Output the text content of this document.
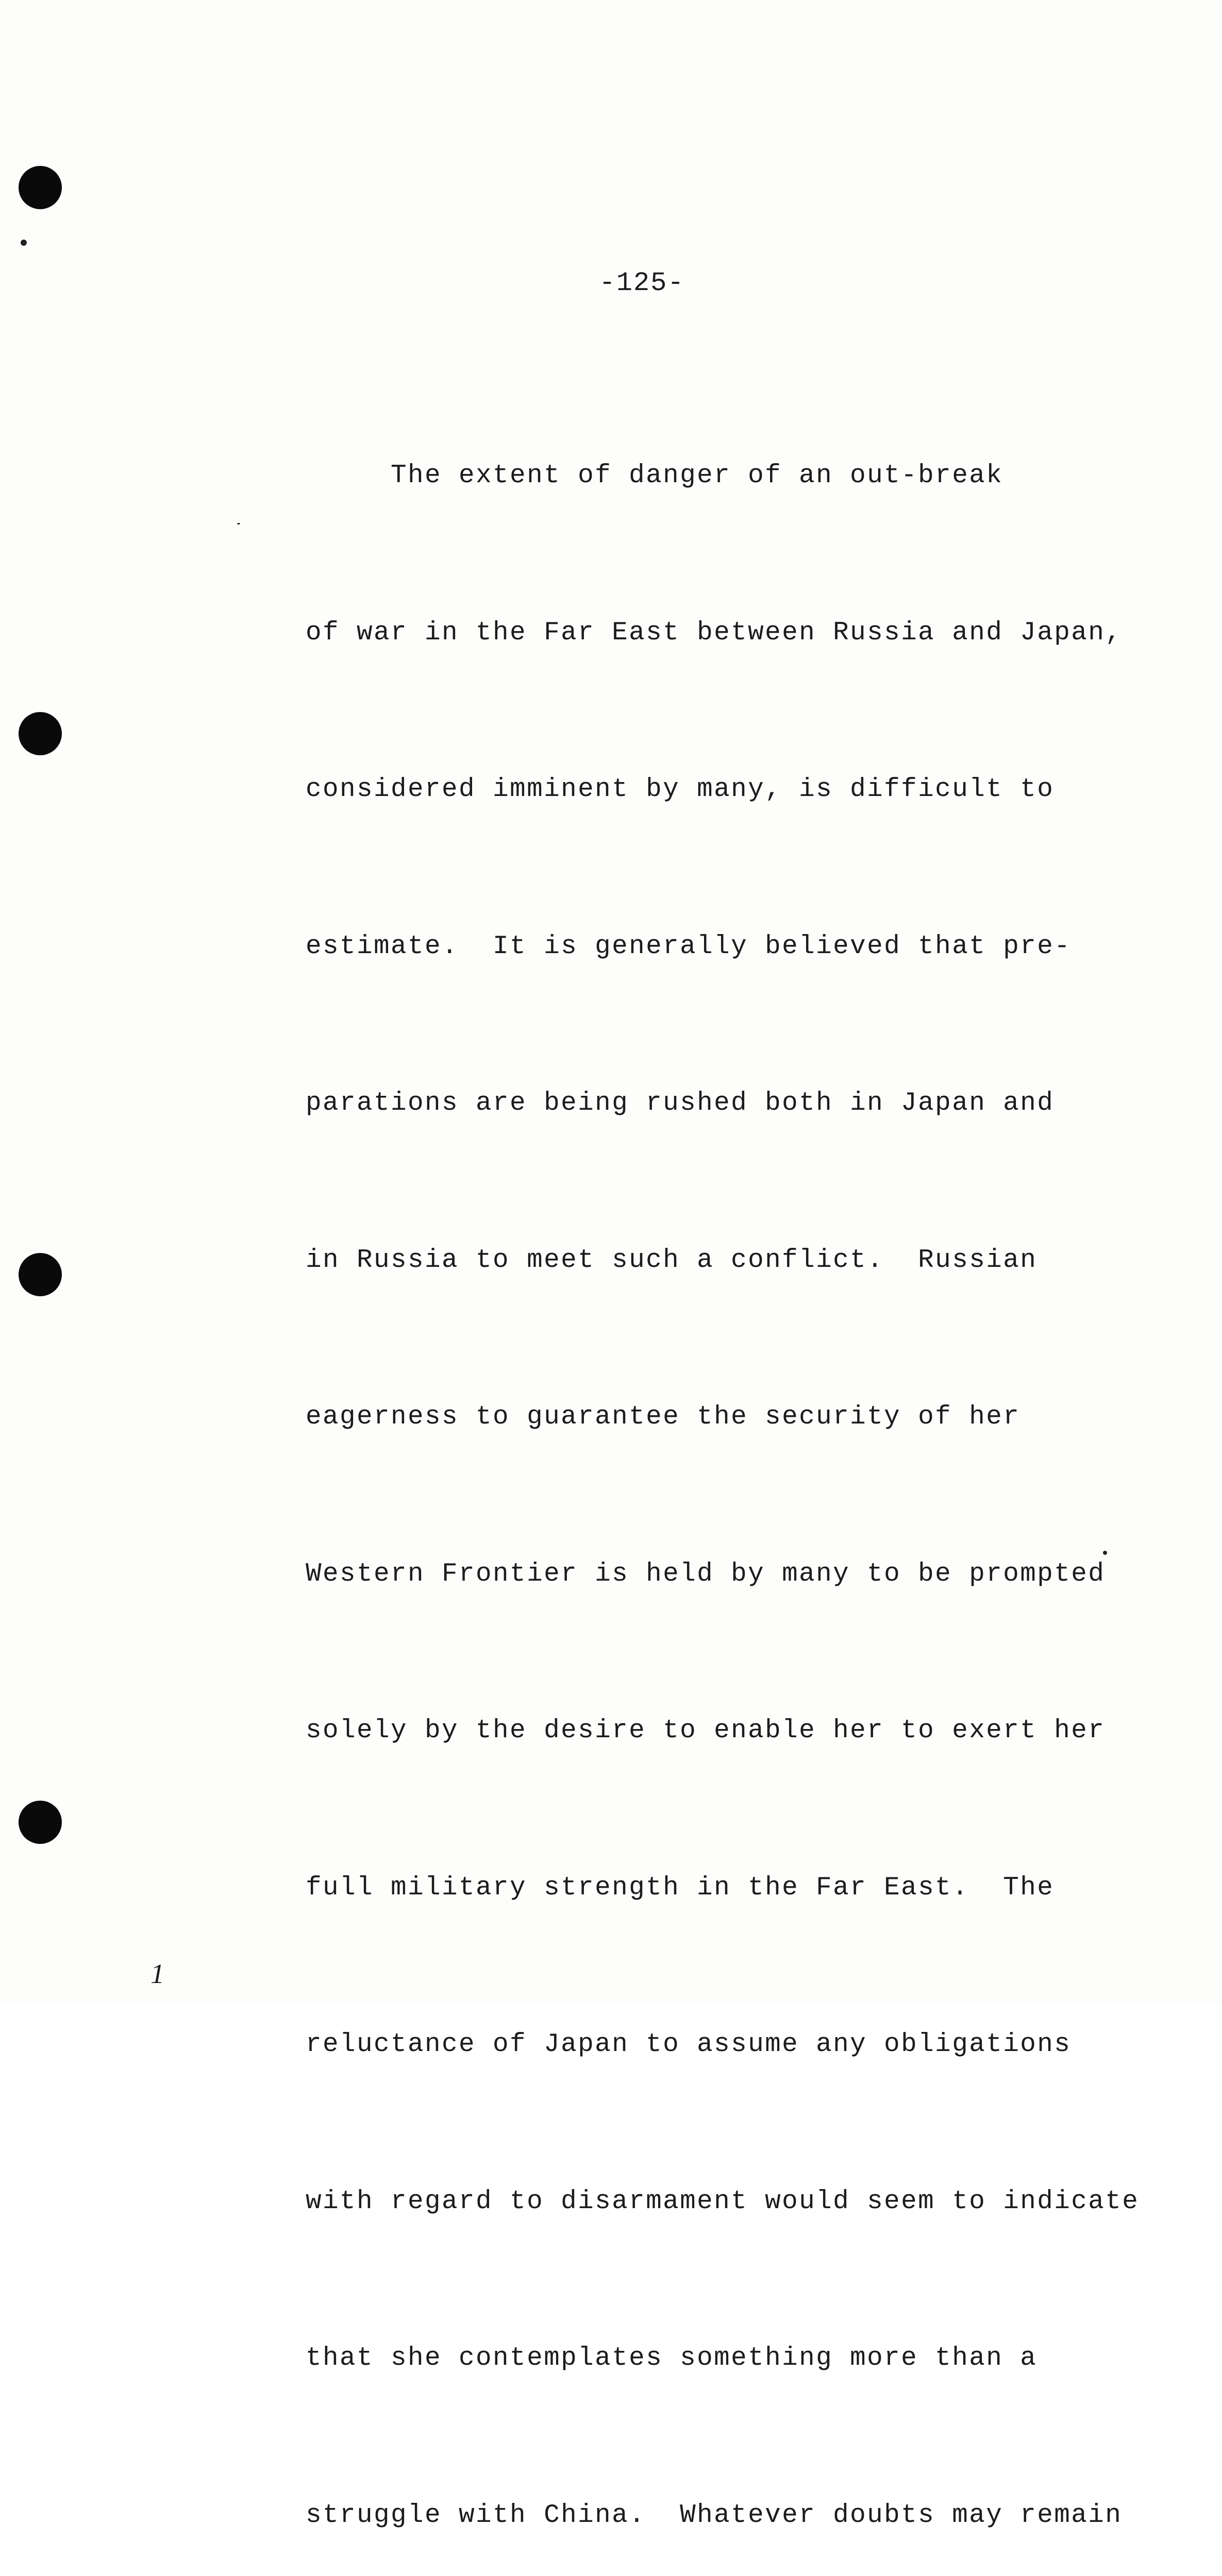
-125-

The extent of danger of an out-break

of war in the Far East between Russia and Japan,

considered imminent by many, is difficult to

estimate.  It is generally believed that pre-

parations are being rushed both in Japan and

in Russia to meet such a conflict.  Russian

eagerness to guarantee the security of her

Western Frontier is held by many to be prompted

solely by the desire to enable her to exert her

full military strength in the Far East.  The

reluctance of Japan to assume any obligations

with regard to disarmament would seem to indicate

that she contemplates something more than a

struggle with China.  Whatever doubts may remain

1
